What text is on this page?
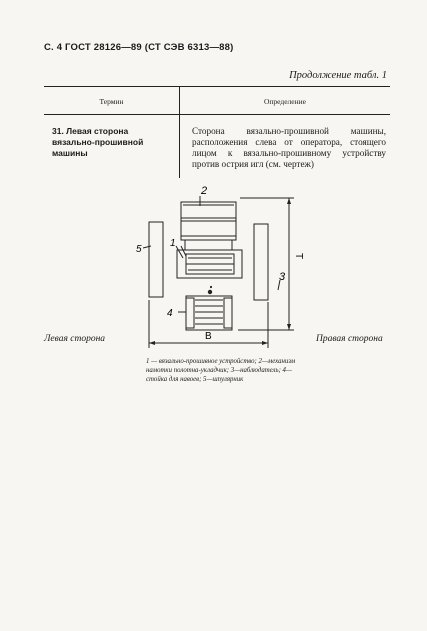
С. 4 ГОСТ 28126—89 (СТ СЭВ 6313—88)
Продолжение табл. 1
Термин	Определение
31. Левая сторона вязально-прошивной машины
Сторона вязально-прошивной машины, расположения слева от оператора, стоящего лицом к вязально-прошивному устройству против острия игл (см. чертеж)
2
1
5
3
4
B
T
Левая сторона	Правая сторона
1 — вязально-прошивное устройство; 2—механизм намотки полотна-укладчик; 3—наблюдатель; 4—стойка для навоев; 5—шпулярник
